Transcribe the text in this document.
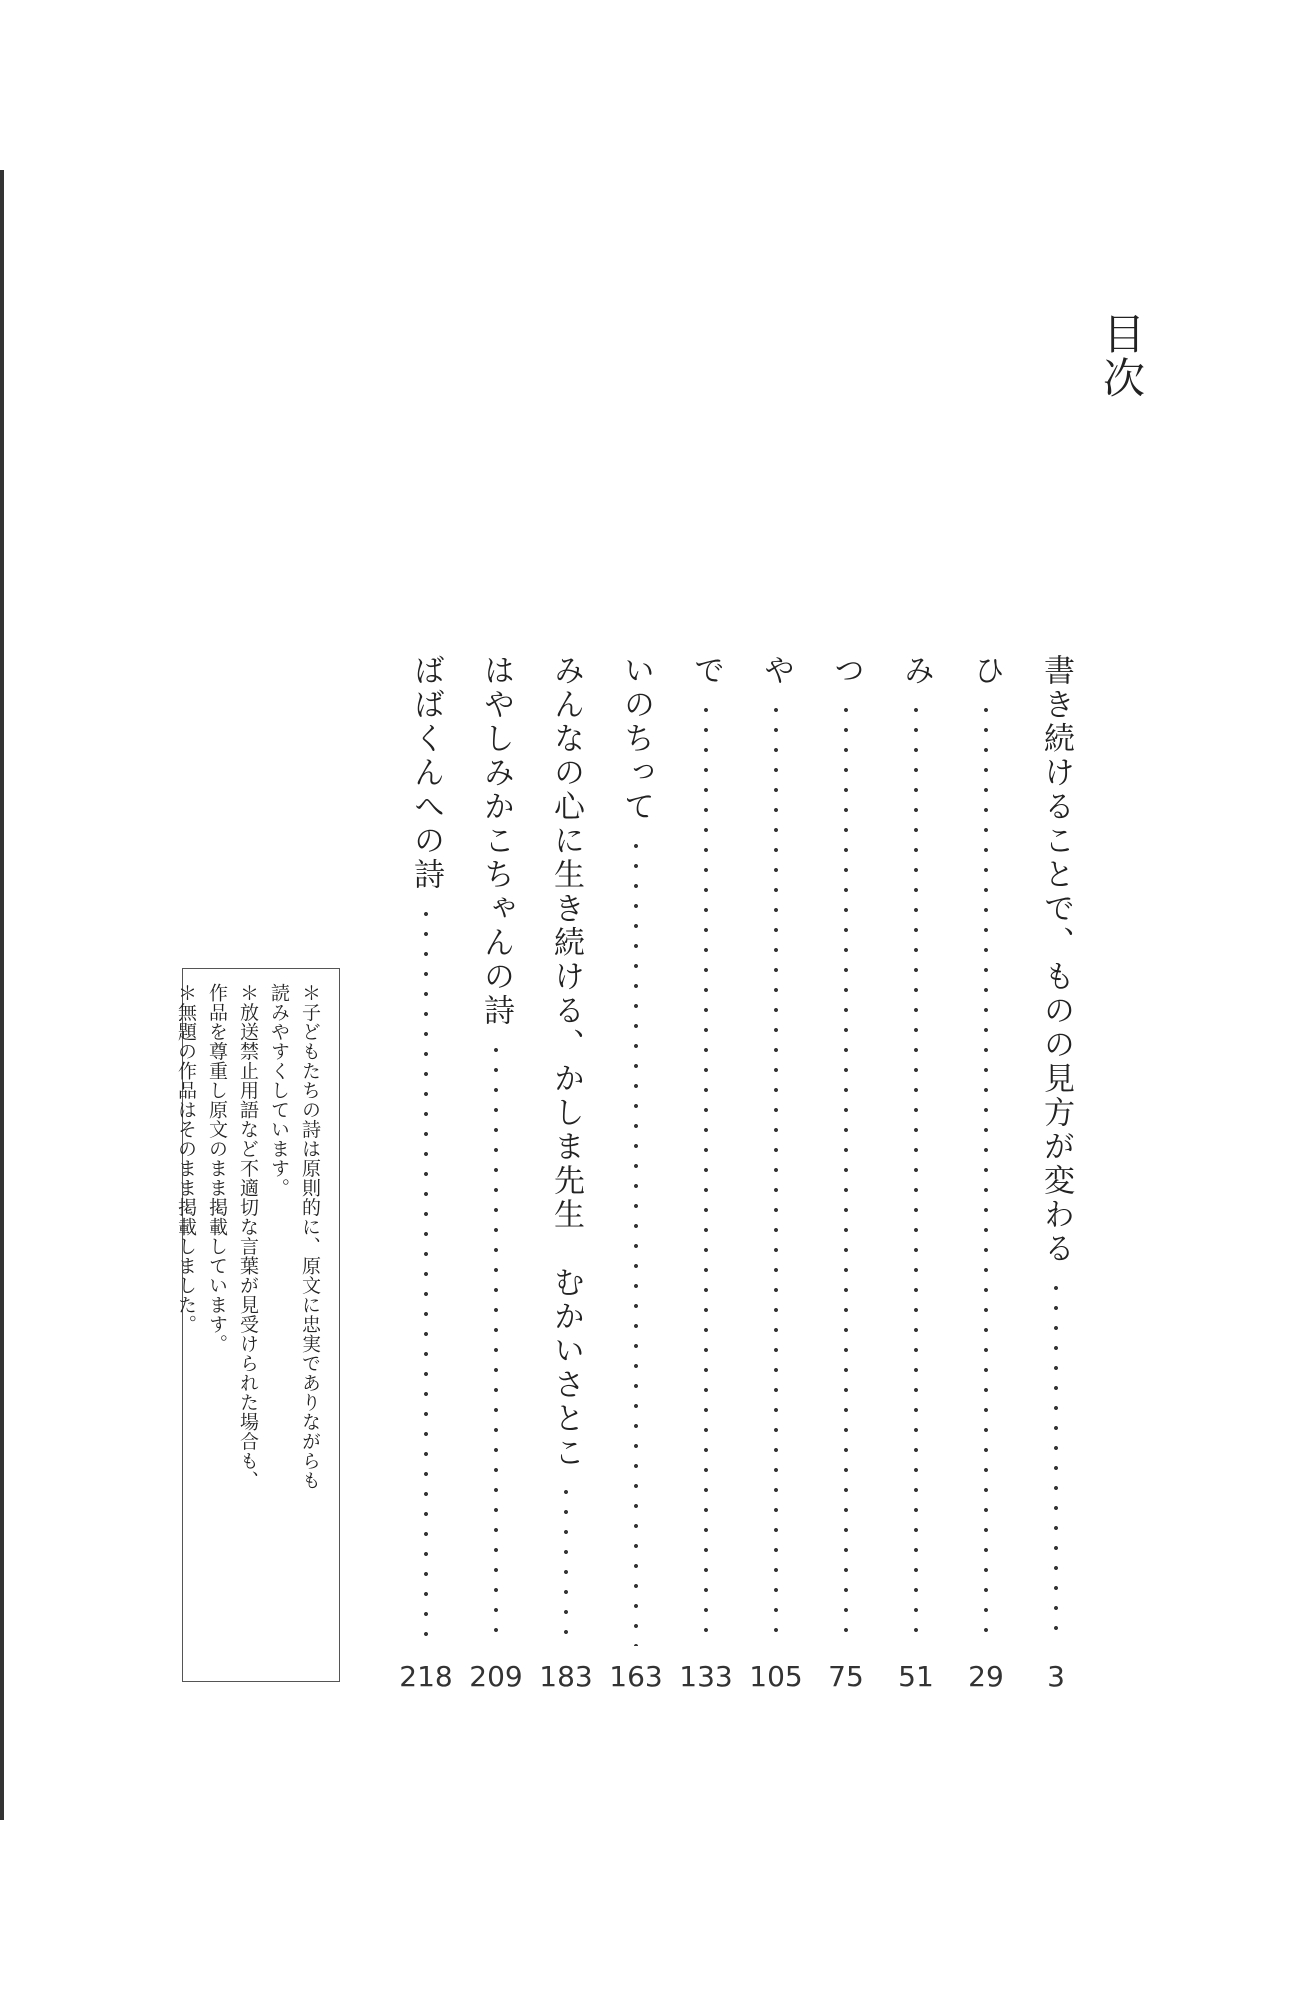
目次
書き続けることで、ものの見方が変わる
3
ひ
29
み
51
つ
75
や
105
で
133
いのちって
163
みんなの心に生き続ける、かしま先生　むかいさとこ
183
はやしみかこちゃんの詩
209
ばばくんへの詩
218
＊子どもたちの詩は原則的に、原文に忠実でありながらも
読みやすくしています。
＊放送禁止用語など不適切な言葉が見受けられた場合も、
作品を尊重し原文のまま掲載しています。
＊無題の作品はそのまま掲載しました。
